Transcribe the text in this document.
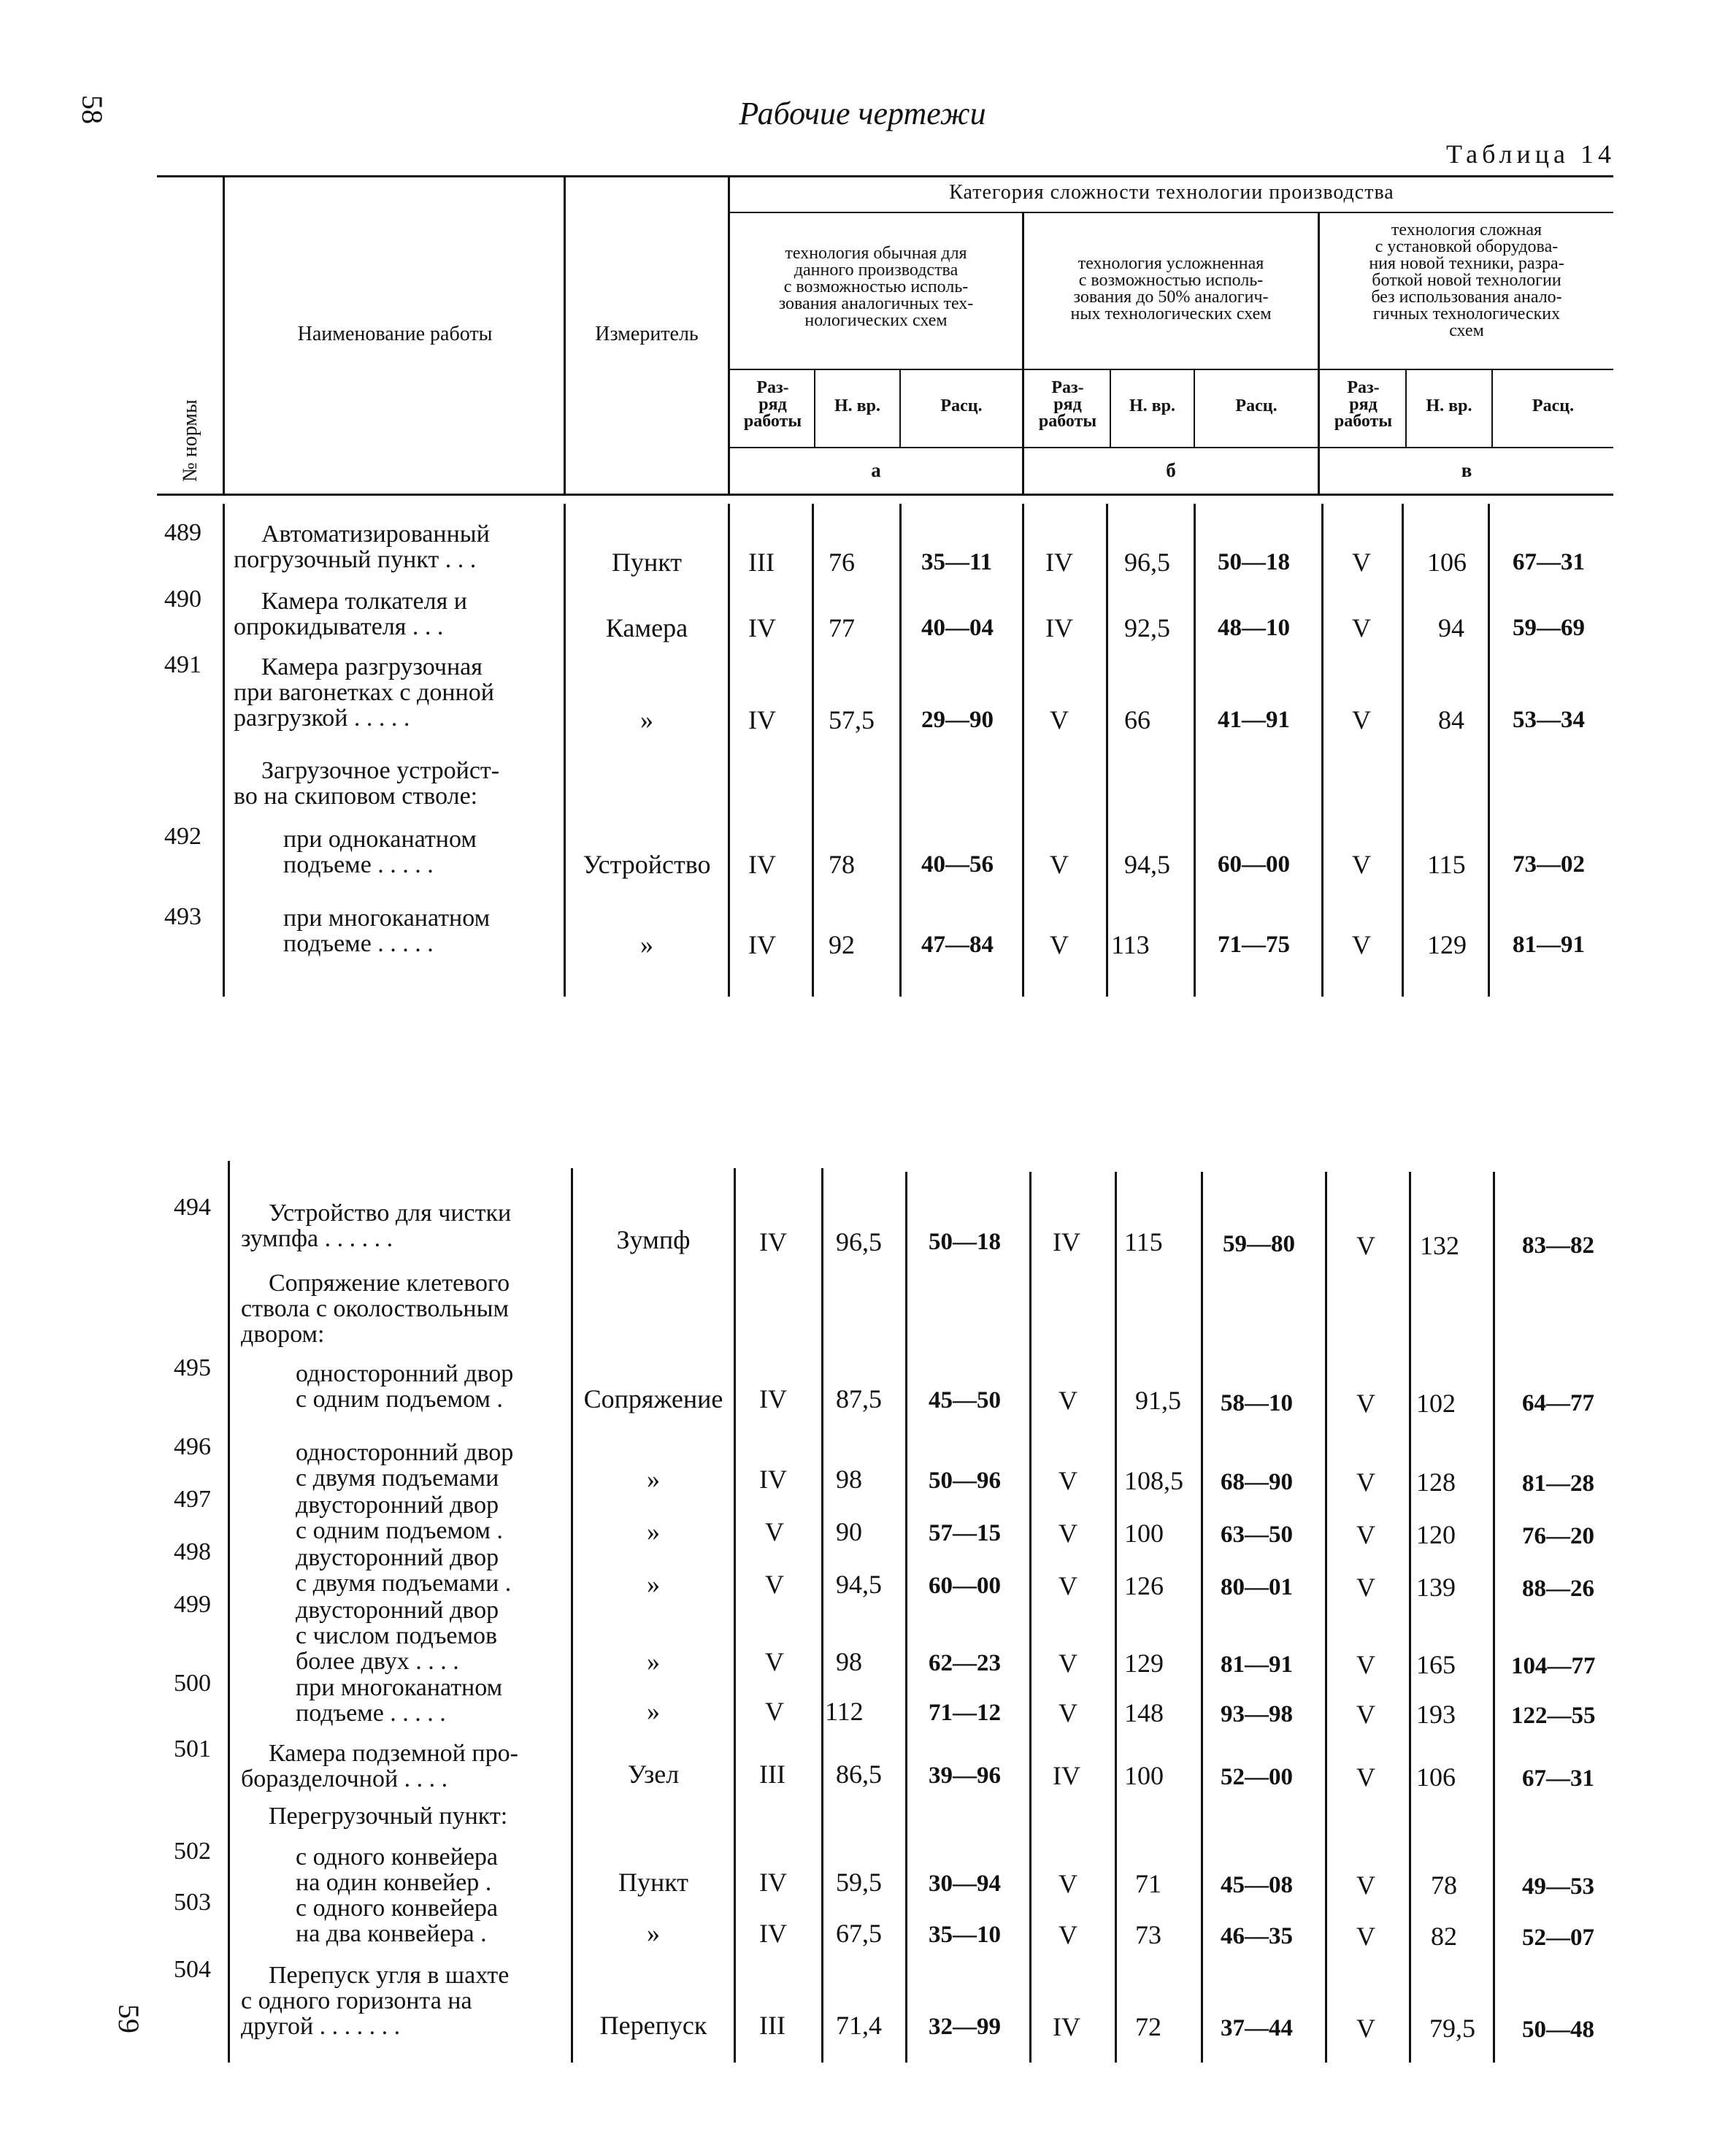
58	Рабочие чертежи
Таблица 14
59
№ нормы
Наименование работы	Измеритель
Категория сложности технологии производства
технология обычная для
данного производства
с возможностью исполь-
зования аналогичных тех-
нологических схем
технология усложненная
с возможностью исполь-
зования до 50% аналогич-
ных технологических схем
технология сложная
с установкой оборудова-
ния новой техники, разра-
боткой новой технологии
без использования анало-
гичных технологических
схем
Раз-
ряд
работы
Н. вр.	Расц.
Раз-
ряд
работы
Н. вр.	Расц.
Раз-
ряд
работы
Н. вр.	Расц.
а	б	в
489	Автоматизированный
погрузочный пункт . . .	Пункт	III 76	35—11 IV 96,5 50—18 V 106 67—31
490	Камера толкателя и
опрокидывателя . . .	Камера	IV 77	40—04 IV 92,5 48—10 V	94 59—69
491	Камера разгрузочная
при вагонетках с донной
разгрузкой . . . . .	»	IV 57,5 29—90 V 66	41—91 V	84 53—34
Загрузочное устройст-
во на скиповом стволе:
492	при одноканатном
подъеме . . . . .	Устройство	IV 78	40—56 V 94,5 60—00 V 115 73—02
493	при многоканатном
подъеме . . . . .	»	IV 92	47—84 V 113	71—75 V 129 81—91
494	Устройство для чистки
зумпфа . . . . . .	Зумпф	IV 96,5 50—18 IV 115 59—80 V 132	83—82
Сопряжение клетевого
ствола с околоствольным
двором:
495	односторонний двор
с одним подъемом .	Сопряжение	IV 87,5 45—50 V 91,5 58—10 V 102	64—77
496	односторонний двор
с двумя подъемами	»	IV 98	50—96 V 108,5 68—90 V 128	81—28
497	двусторонний двор
с одним подъемом .	»	V 90	57—15 V 100 63—50 V 120	76—20
498	двусторонний двор
с двумя подъемами .	»	V 94,5 60—00 V 126 80—01 V 139	88—26
499	двусторонний двор
с числом подъемов
более двух . . . .	»	V 98	62—23 V 129 81—91 V 165 104—77
500	при многоканатном
подъеме . . . . .	»	V 112	71—12 V 148 93—98 V 193 122—55
501	Камера подземной про-
боразделочной . . . .	Узел	III 86,5 39—96 IV 100 52—00 V 106	67—31
Перегрузочный пункт:
502	с одного конвейера
на один конвейер .	Пункт	IV 59,5 30—94 V 71 45—08 V 78	49—53
503	с одного конвейера
на два конвейера .	»	IV 67,5 35—10 V 73 46—35 V 82	52—07
504	Перепуск угля в шахте
с одного горизонта на
другой . . . . . . .	Перепуск	III 71,4 32—99 IV 72 37—44 V 79,5 50—48
